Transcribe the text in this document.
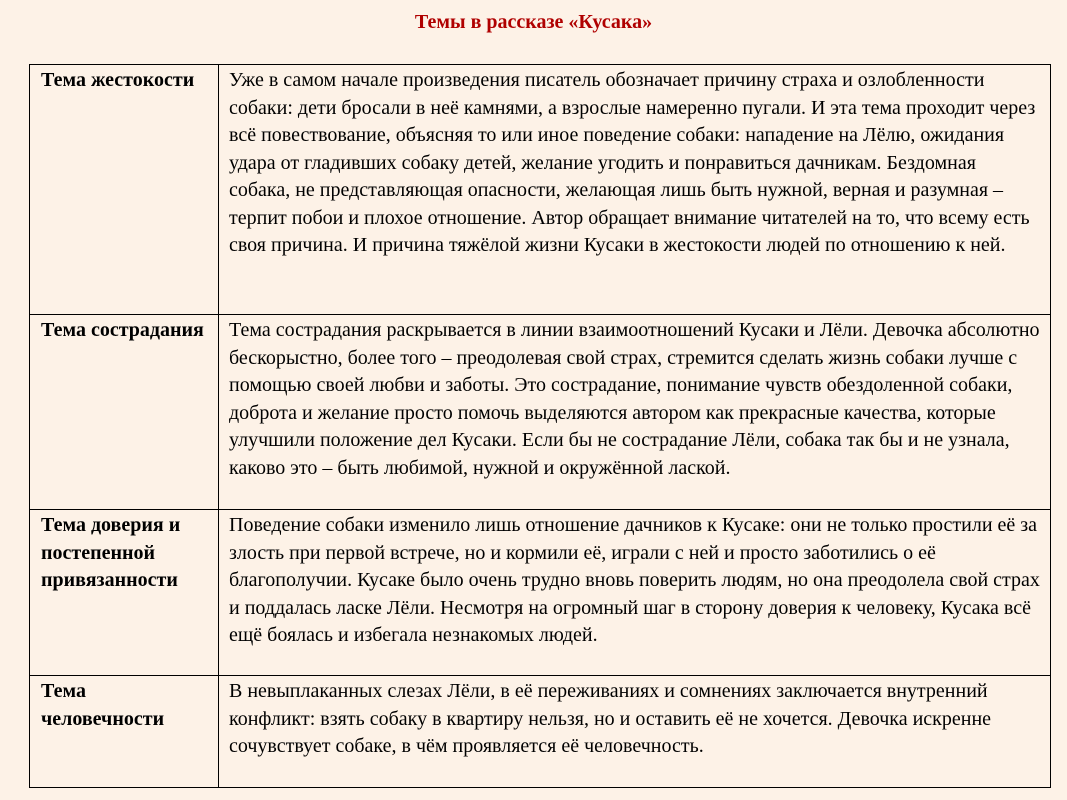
Темы в рассказе «Кусака»
Тема жестокости	Уже в самом начале произведения писатель обозначает причину страха и озлобленности собаки: дети бросали в неё камнями, а взрослые намеренно пугали. И эта тема проходит через всё повествование, объясняя то или иное поведение собаки: нападение на Лёлю, ожидания удара от гладивших собаку детей, желание угодить и понравиться дачникам. Бездомная собака, не представляющая опасности, желающая лишь быть нужной, верная и разумная – терпит побои и плохое отношение. Автор обращает внимание читателей на то, что всему есть своя причина. И причина тяжёлой жизни Кусаки в жестокости людей по отношению к ней.
Тема сострадания	Тема сострадания раскрывается в линии взаимоотношений Кусаки и Лёли. Девочка абсолютно бескорыстно, более того – преодолевая свой страх, стремится сделать жизнь собаки лучше с помощью своей любви и заботы. Это сострадание, понимание чувств обездоленной собаки, доброта и желание просто помочь выделяются автором как прекрасные качества, которые улучшили положение дел Кусаки. Если бы не сострадание Лёли, собака так бы и не узнала, каково это – быть любимой, нужной и окружённой лаской.
Тема доверия и постепенной привязанности	Поведение собаки изменило лишь отношение дачников к Кусаке: они не только простили её за злость при первой встрече, но и кормили её, играли с ней и просто заботились о её благополучии. Кусаке было очень трудно вновь поверить людям, но она преодолела свой страх и поддалась ласке Лёли. Несмотря на огромный шаг в сторону доверия к человеку, Кусака всё ещё боялась и избегала незнакомых людей.
Тема человечности	В невыплаканных слезах Лёли, в её переживаниях и сомнениях заключается внутренний конфликт: взять собаку в квартиру нельзя, но и оставить её не хочется. Девочка искренне сочувствует собаке, в чём проявляется её человечность.
